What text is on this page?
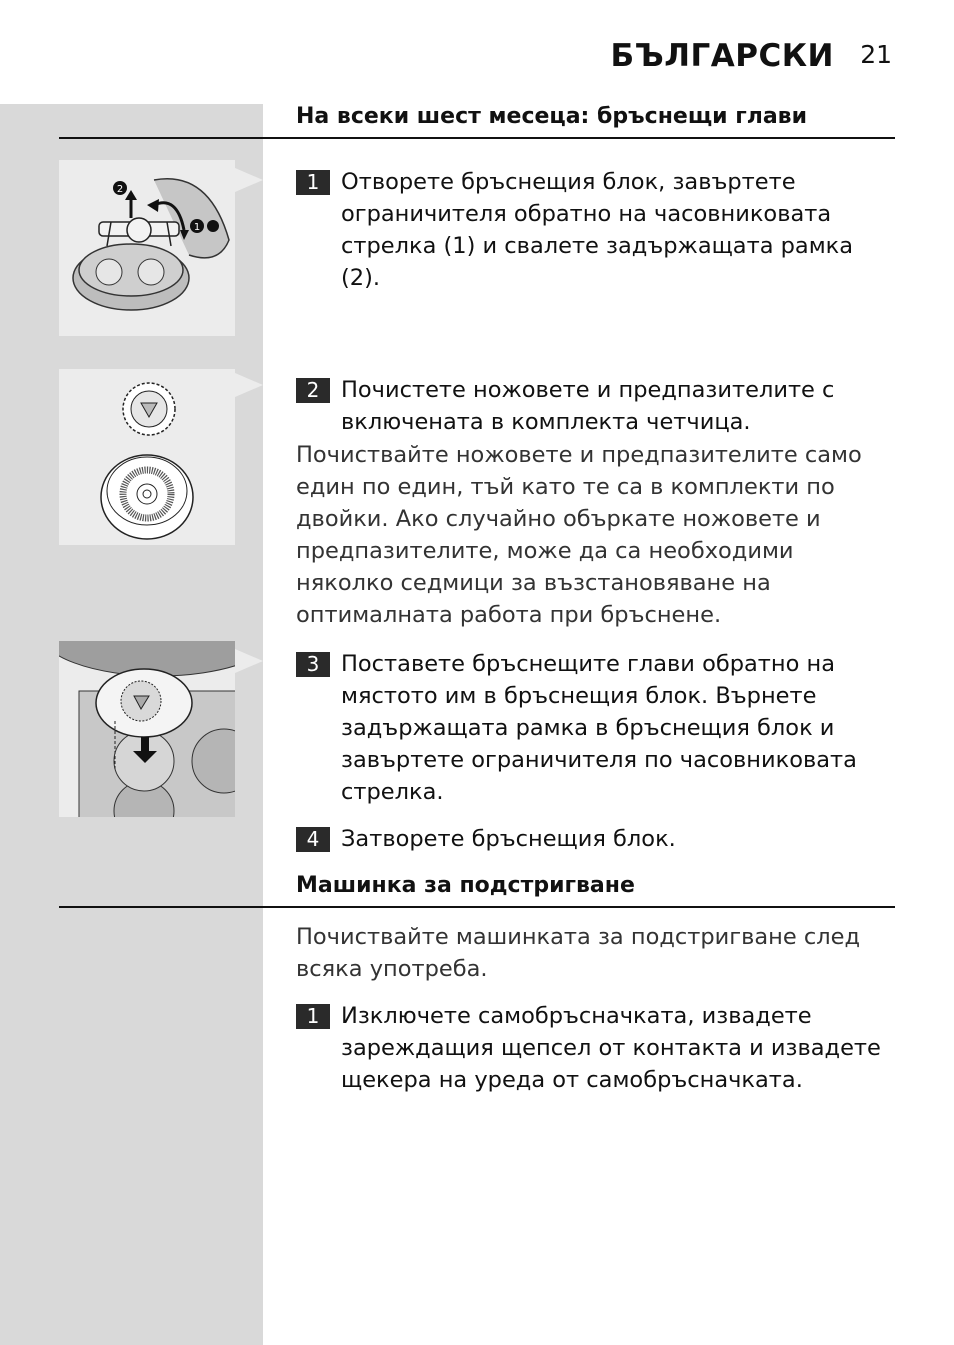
БЪЛГАРСКИ 21
На всеки шест месеца: бръснещи глави
2
1
1 Отворете бръснещия блок, завъртете ограничителя обратно на часовниковата стрелка (1) и свалете задържащата рамка (2).
2 Почистете ножовете и предпазителите с включената в комплекта четчица.
Почиствайте ножовете и предпазителите само един по един, тъй като те са в комплекти по двойки. Ако случайно объркате ножовете и предпазителите, може да са необходими няколко седмици за възстановяване на оптималната работа при бръснене.
3 Поставете бръснещите глави обратно на мястото им в бръснещия блок. Върнете задържащата рамка в бръснещия блок и завъртете ограничителя по часовниковата стрелка.
4 Затворете бръснещия блок.
Машинка за подстригване
Почиствайте машинката за подстригване след всяка употреба.
1 Изключете самобръсначката, извадете зареждащия щепсел от контакта и извадете щекера на уреда от самобръсначката.
